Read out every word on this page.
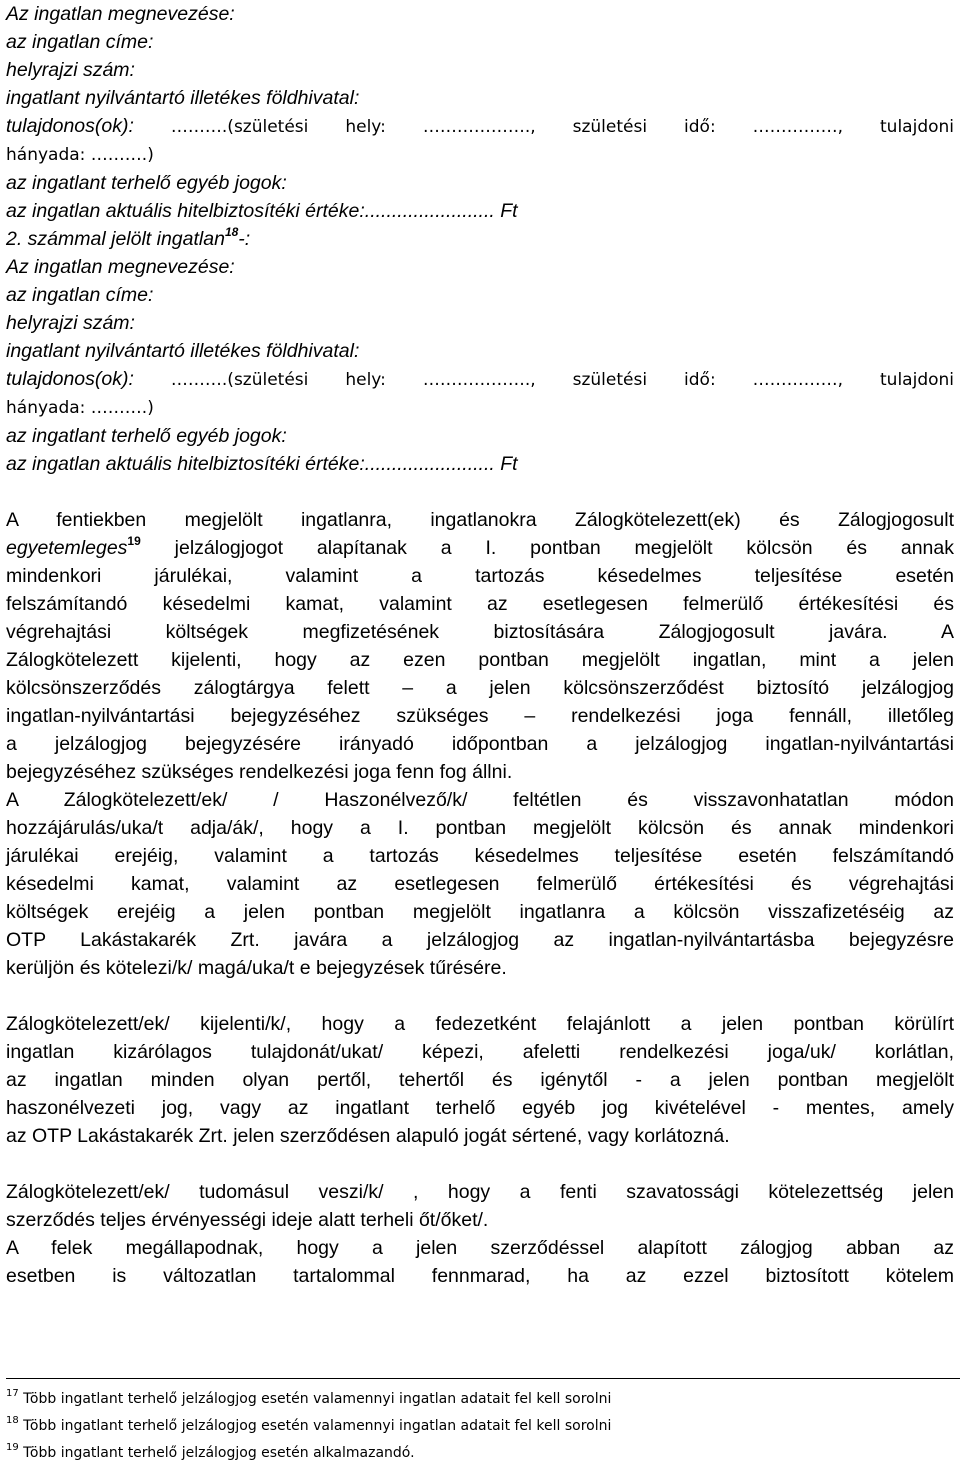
Az ingatlan megnevezése:
az ingatlan címe:
helyrajzi szám:
ingatlant nyilvántartó illetékes földhivatal:
tulajdonos(ok): ……….(születési hely: ………………., születési idő: ……………, tulajdoni
hányada: ……….)
az ingatlant terhelő egyéb jogok:
az ingatlan aktuális hitelbiztosítéki értéke:........................ Ft
2. számmal jelölt ingatlan$^{18}$-:
Az ingatlan megnevezése:
az ingatlan címe:
helyrajzi szám:
ingatlant nyilvántartó illetékes földhivatal:
tulajdonos(ok): ……….(születési hely: ………………., születési idő: ……………, tulajdoni
hányada: ……….)
az ingatlant terhelő egyéb jogok:
az ingatlan aktuális hitelbiztosítéki értéke:........................ Ft
A fentiekben megjelölt ingatlanra, ingatlanokra Zálogkötelezett(ek) és Zálogjogosult
egyetemleges$^{19}$ jelzálogjogot alapítanak a I. pontban megjelölt kölcsön és annak
mindenkori járulékai, valamint a tartozás késedelmes teljesítése esetén
felszámítandó késedelmi kamat, valamint az esetlegesen felmerülő értékesítési és
végrehajtási költségek megfizetésének biztosítására Zálogjogosult javára. A
Zálogkötelezett kijelenti, hogy az ezen pontban megjelölt ingatlan, mint a jelen
kölcsönszerződés zálogtárgya felett – a jelen kölcsönszerződést biztosító jelzálogjog
ingatlan-nyilvántartási bejegyzéséhez szükséges – rendelkezési joga fennáll, illetőleg
a jelzálogjog bejegyzésére irányadó időpontban a jelzálogjog ingatlan-nyilvántartási
bejegyzéséhez szükséges rendelkezési joga fenn fog állni.
A Zálogkötelezett/ek/ / Haszonélvező/k/ feltétlen és visszavonhatatlan módon
hozzájárulás/uka/t adja/ák/, hogy a I. pontban megjelölt kölcsön és annak mindenkori
járulékai erejéig, valamint a tartozás késedelmes teljesítése esetén felszámítandó
késedelmi kamat, valamint az esetlegesen felmerülő értékesítési és végrehajtási
költségek erejéig a jelen pontban megjelölt ingatlanra a kölcsön visszafizetéséig az
OTP Lakástakarék Zrt. javára a jelzálogjog az ingatlan-nyilvántartásba bejegyzésre
kerüljön és kötelezi/k/ magá/uka/t e bejegyzések tűrésére.
Zálogkötelezett/ek/ kijelenti/k/, hogy a fedezetként felajánlott a jelen pontban körülírt
ingatlan kizárólagos tulajdonát/ukat/ képezi, afeletti rendelkezési joga/uk/ korlátlan,
az ingatlan minden olyan pertől, tehertől és igénytől - a jelen pontban megjelölt
haszonélvezeti jog, vagy az ingatlant terhelő egyéb jog kivételével - mentes, amely
az OTP Lakástakarék Zrt. jelen szerződésen alapuló jogát sértené, vagy korlátozná.
Zálogkötelezett/ek/ tudomásul veszi/k/ , hogy a fenti szavatossági kötelezettség jelen
szerződés teljes érvényességi ideje alatt terheli őt/őket/.
A felek megállapodnak, hogy a jelen szerződéssel alapított zálogjog abban az
esetben is változatlan tartalommal fennmarad, ha az ezzel biztosított kötelem
$^{17}$ Több ingatlant terhelő jelzálogjog esetén valamennyi ingatlan adatait fel kell sorolni
$^{18}$ Több ingatlant terhelő jelzálogjog esetén valamennyi ingatlan adatait fel kell sorolni
$^{19}$ Több ingatlant terhelő jelzálogjog esetén alkalmazandó.
